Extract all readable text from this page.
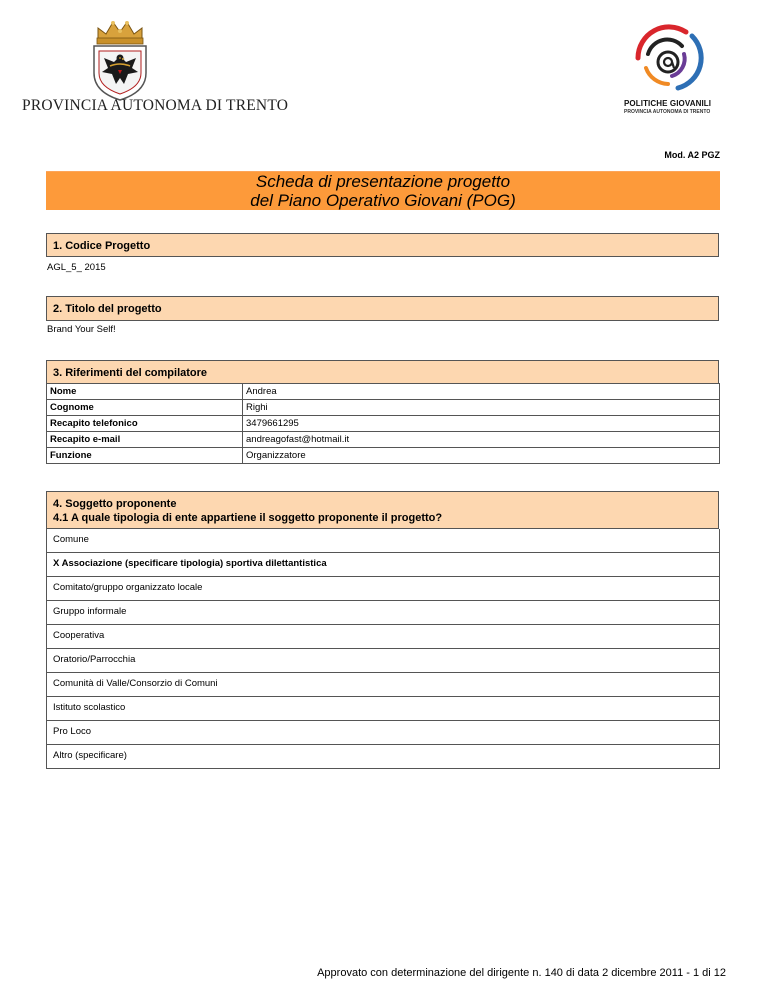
PROVINCIA AUTONOMA DI TRENTO	POLITICHE GIOVANILI
PROVINCIA AUTONOMA DI TRENTO
Mod. A2 PGZ
Scheda di presentazione progetto
del Piano Operativo Giovani (POG)
1. Codice Progetto
AGL_5_ 2015
2. Titolo del progetto
Brand Your Self!
3. Riferimenti del compilatore
Nome	Andrea
Cognome	Righi
Recapito telefonico	3479661295
Recapito e-mail	andreagofast@hotmail.it
Funzione	Organizzatore
4. Soggetto proponente
4.1 A quale tipologia di ente appartiene il soggetto proponente il progetto?
Comune
X Associazione (specificare tipologia) sportiva dilettantistica
Comitato/gruppo organizzato locale
Gruppo informale
Cooperativa
Oratorio/Parrocchia
Comunità di Valle/Consorzio di Comuni
Istituto scolastico
Pro Loco
Altro (specificare)
Approvato con determinazione del dirigente n. 140 di data 2 dicembre 2011 - 1 di 12
